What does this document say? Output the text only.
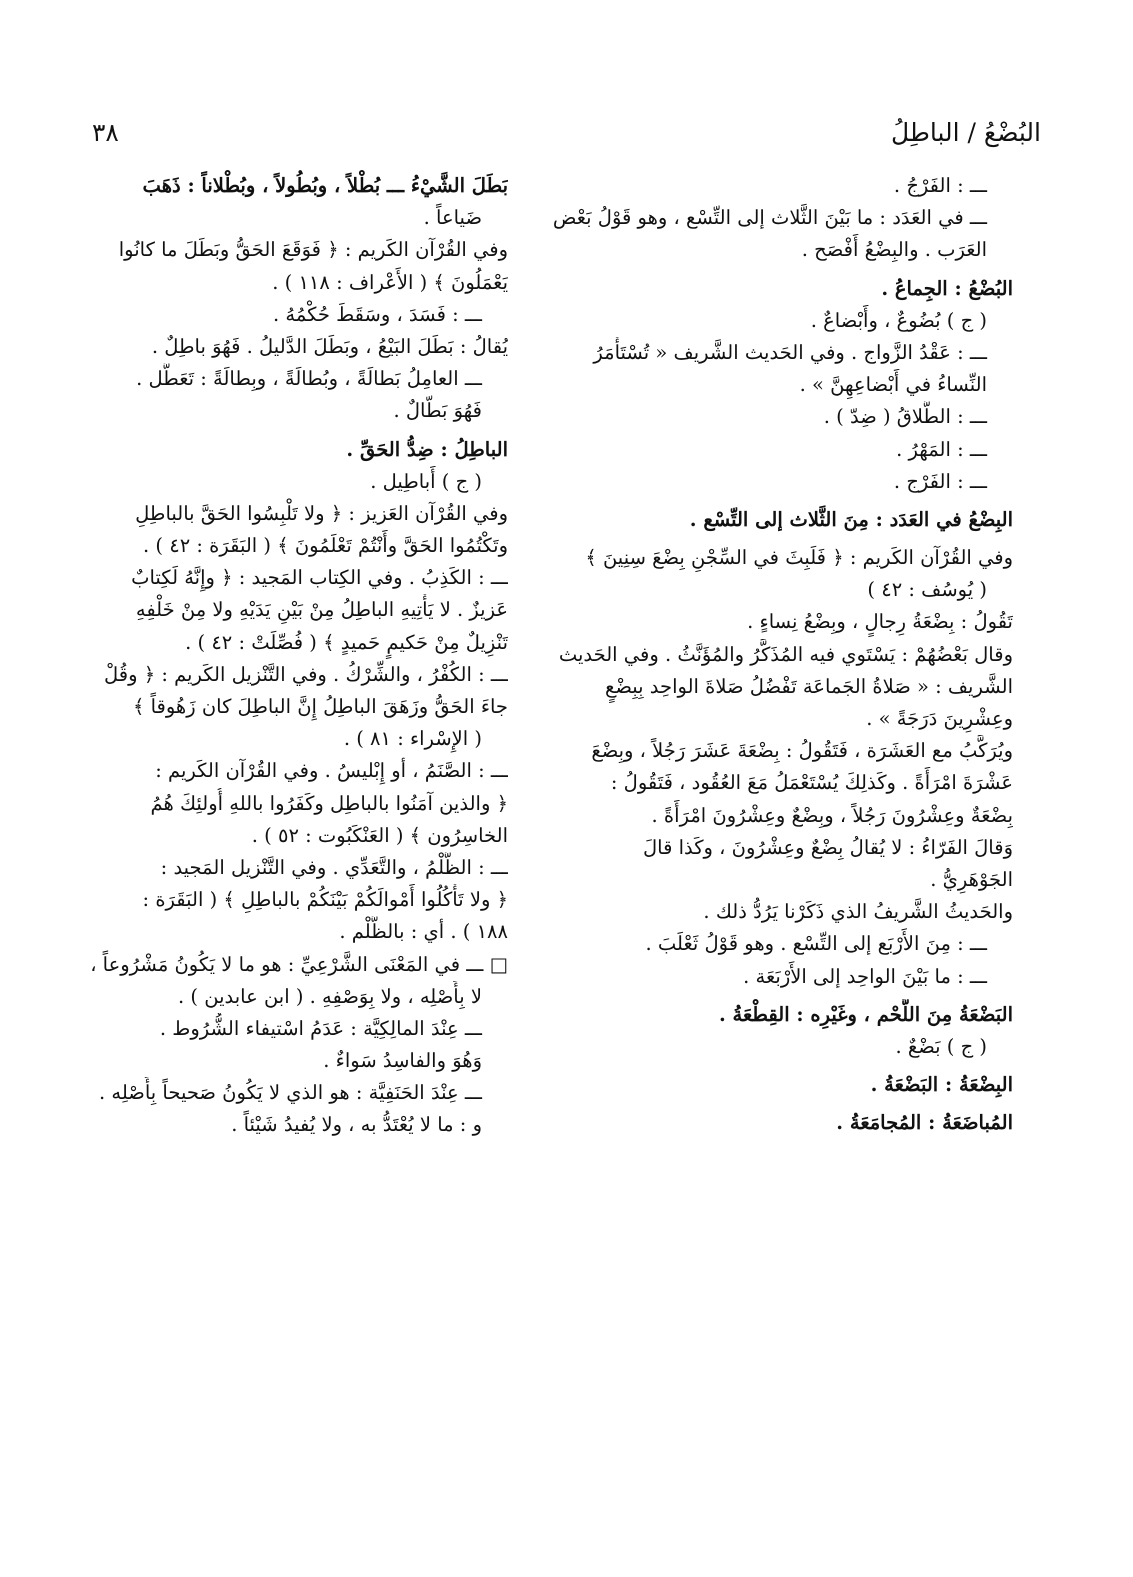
البُضْعُ / الباطِلُ
٣٨
ـــ : الفَرْجُ .
ـــ في العَدَد : ما بَيْنَ الثَّلاث إلى التِّسْع ، وهو قَوْلُ بَعْض
العَرَب . والبِضْعُ أَفْصَح .
البُضْعُ : الجِماعُ .
( ج ) بُضُوعٌ ، وأَبْضاعٌ .
ـــ : عَقْدُ الزَّواج . وفي الحَديث الشَّريف « تُسْتَأْمَرُ
النِّساءُ في أَبْضاعِهِنَّ » .
ـــ : الطَّلاقُ ( ضِدّ ) .
ـــ : المَهْرُ .
ـــ : الفَرْج .
البِضْعُ في العَدَد : مِنَ الثَّلاث إلى التِّسْع .
وفي القُرْآن الكَريم : ﴿ فَلَبِثَ في السِّجْنِ بِضْعَ سِنِينَ ﴾
( يُوسُف : ٤٢ )
تَقُولُ : بِضْعَةُ رِجالٍ ، وبِضْعُ نِساءٍ .
وقال بَعْضُهُمْ : يَسْتَوي فيه المُذَكَّرُ والمُؤَنَّثُ . وفي الحَديث
الشَّريف : « صَلاةُ الجَماعَة تَفْضُلُ صَلاةَ الواحِد بِبِضْعٍ
وعِشْرِينَ دَرَجَةً » .
ويُرَكَّبُ مع العَشَرَة ، فَتَقُولُ : بِضْعَةَ عَشَرَ رَجُلاً ، وبِضْعَ
عَشْرَةَ امْرَأَةً . وكَذلِكَ يُسْتَعْمَلُ مَعَ العُقُود ، فَتَقُولُ :
بِضْعَةٌ وعِشْرُونَ رَجُلاً ، وبِضْعٌ وعِشْرُونَ امْرَأَةً .
وَقالَ الفَرّاءُ : لا يُقالُ بِضْعٌ وعِشْرُونَ ، وكَذا قالَ
الجَوْهَرِيُّ .
والحَديثُ الشَّريفُ الذي ذَكَرْنا يَرُدُّ ذلك .
ـــ : مِنَ الأَرْبَع إلى التِّسْع . وهو قَوْلُ ثَعْلَبَ .
ـــ : ما بَيْنَ الواحِد إلى الأَرْبَعَة .
البَضْعَةُ مِنَ اللَّحْم ، وغَيْرِه : القِطْعَةُ .
( ج ) بَضْعٌ .
البِضْعَةُ : البَضْعَةُ .
المُباضَعَةُ : المُجامَعَةُ .
بَطَلَ الشَّيْءُ ـــ بُطْلاً ، وبُطُولاً ، وبُطْلاناً : ذَهَبَ
ضَياعاً .
وفي القُرْآن الكَريم : ﴿ فَوَقَعَ الحَقُّ وبَطَلَ ما كانُوا
يَعْمَلُونَ ﴾ ( الأَعْراف : ١١٨ ) .
ـــ : فَسَدَ ، وسَقَطَ حُكْمُهُ .
يُقالُ : بَطَلَ البَيْعُ ، وبَطَلَ الدَّليلُ . فَهُوَ باطِلٌ .
ـــ العامِلُ بَطالَةً ، وبُطالَةً ، وبِطالَةً : تَعَطَّل .
فَهُوَ بَطّالٌ .
الباطِلُ : ضِدُّ الحَقِّ .
( ج ) أَباطِيل .
وفي القُرْآن العَزيز : ﴿ ولا تَلْبِسُوا الحَقَّ بالباطِلِ
وتَكْتُمُوا الحَقَّ وأَنْتُمْ تَعْلَمُونَ ﴾ ( البَقَرَة : ٤٢ ) .
ـــ : الكَذِبُ . وفي الكِتاب المَجيد : ﴿ وإِنَّهُ لَكِتابٌ
عَزيزٌ . لا يَأْتِيهِ الباطِلُ مِنْ بَيْنِ يَدَيْهِ ولا مِنْ خَلْفِهِ
تَنْزِيلٌ مِنْ حَكيمٍ حَميدٍ ﴾ ( فُصِّلَتْ : ٤٢ ) .
ـــ : الكُفْرُ ، والشِّرْكُ . وفي التَّنْزيل الكَريم : ﴿ وقُلْ
جاءَ الحَقُّ وزَهَقَ الباطِلُ إِنَّ الباطِلَ كان زَهُوقاً ﴾
( الإِسْراء : ٨١ ) .
ـــ : الصَّنَمُ ، أو إِبْليسُ . وفي القُرْآن الكَريم :
﴿ والذين آمَنُوا بالباطِل وكَفَرُوا باللهِ أُولئِكَ هُمُ
الخاسِرُون ﴾ ( العَنْكَبُوت : ٥٢ ) .
ـــ : الظُّلْمُ ، والتَّعَدِّي . وفي التَّنْزيل المَجيد :
﴿ ولا تَأْكُلُوا أَمْوالَكُمْ بَيْنَكُمْ بالباطِلِ ﴾ ( البَقَرَة :
١٨٨ ) . أي : بالظُّلْم .
□ ـــ في المَعْنَى الشَّرْعِيِّ : هو ما لا يَكُونُ مَشْرُوعاً ،
لا بِأَصْلِه ، ولا بِوَصْفِهِ . ( ابن عابدين ) .
ـــ عِنْدَ المالِكِيَّة : عَدَمُ اسْتيفاء الشُّرُوط .
وَهُوَ والفاسِدُ سَواءٌ .
ـــ عِنْدَ الحَنَفِيَّة : هو الذي لا يَكُونُ صَحيحاً بِأَصْلِه .
و : ما لا يُعْتَدُّ به ، ولا يُفيدُ شَيْئاً .
